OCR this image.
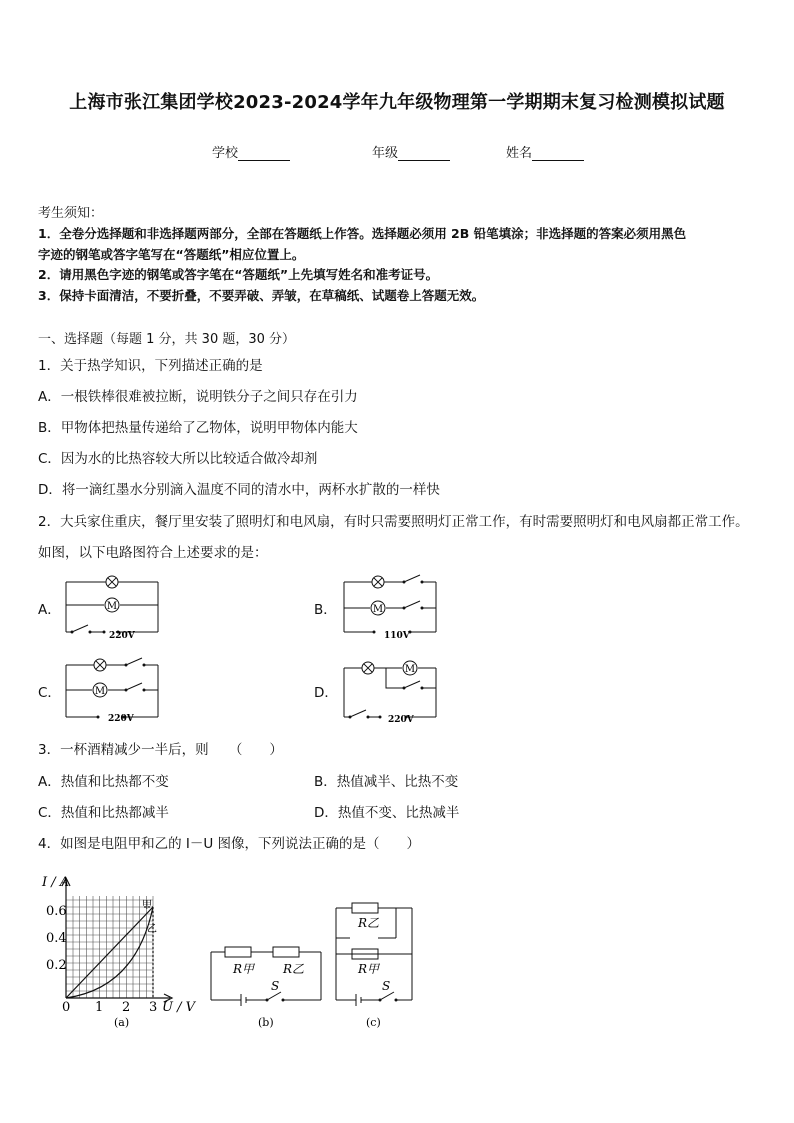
上海市张江集团学校2023-2024学年九年级物理第一学期期末复习检测模拟试题
学校	年级	姓名
考生须知：
1．全卷分选择题和非选择题两部分，全部在答题纸上作答。选择题必须用 2B 铅笔填涂；非选择题的答案必须用黑色
字迹的钢笔或答字笔写在“答题纸”相应位置上。
2．请用黑色字迹的钢笔或答字笔在“答题纸”上先填写姓名和准考证号。
3．保持卡面清洁，不要折叠，不要弄破、弄皱，在草稿纸、试题卷上答题无效。
一、选择题（每题 1 分，共 30 题，30 分）
1．关于热学知识，下列描述正确的是
A．一根铁棒很难被拉断，说明铁分子之间只存在引力
B．甲物体把热量传递给了乙物体，说明甲物体内能大
C．因为水的比热容较大所以比较适合做冷却剂
D．将一滴红墨水分别滴入温度不同的清水中，两杯水扩散的一样快
2．大兵家住重庆，餐厅里安装了照明灯和电风扇，有时只需要照明灯正常工作，有时需要照明灯和电风扇都正常工作。
如图，以下电路图符合上述要求的是：
A．	B．
C．	D．
M
220V
M
110V
M
220V
M
220V
3．一杯酒精减少一半后，则　　（　　）
A．热值和比热都不变	B．热值减半、比热不变
C．热值和比热都减半	D．热值不变、比热减半
4．如图是电阻甲和乙的 I－U 图像，下列说法正确的是（　　）
I / A
0.6
0.4
0.2
0 1 2 3 U / V
甲
乙
(a)
R甲 R乙
S
(b)
R乙
R甲
S
(c)
